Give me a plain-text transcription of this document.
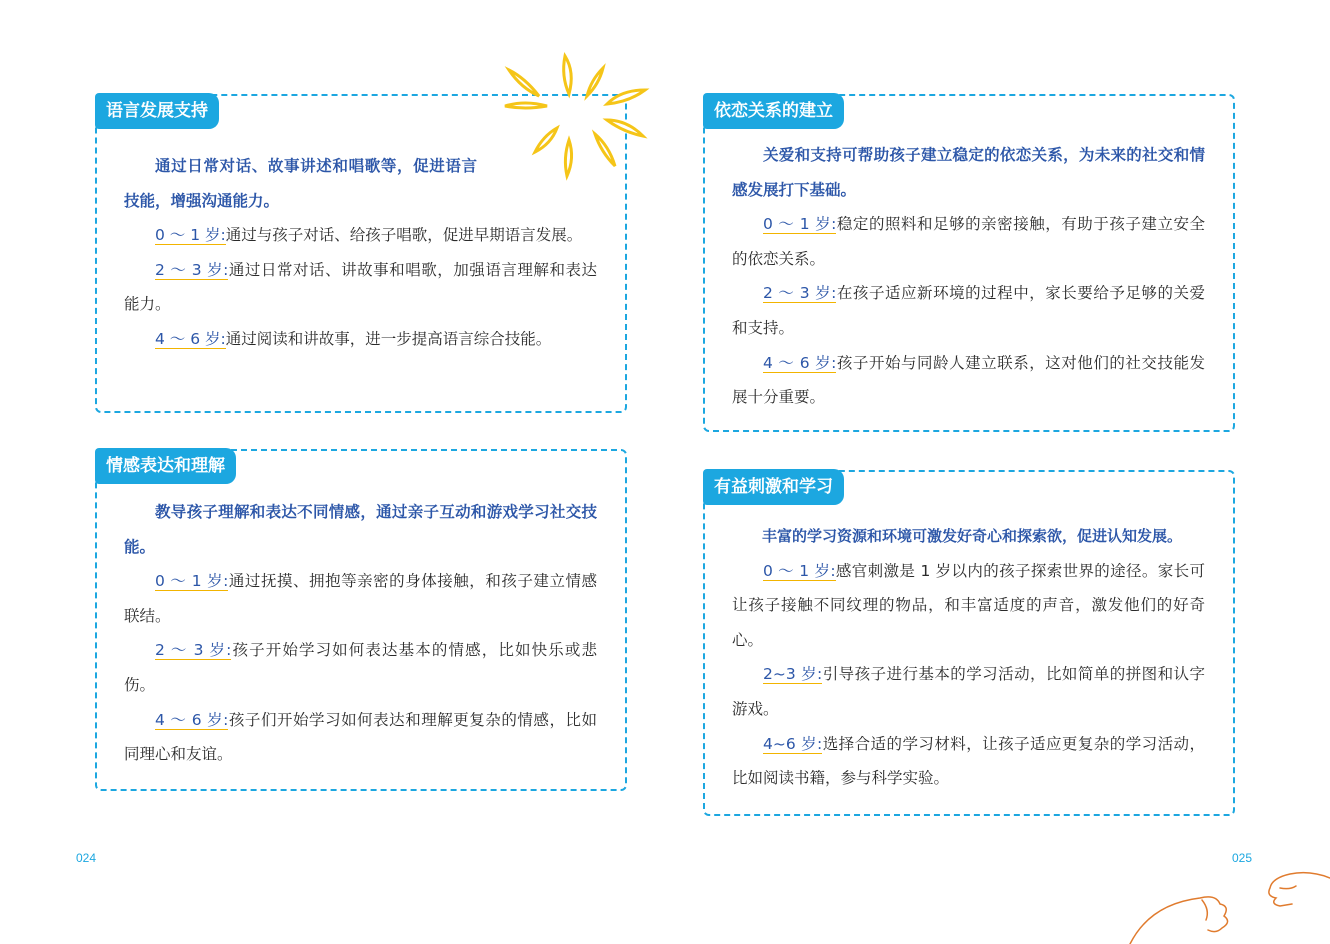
语言发展支持

通过日常对话、故事讲述和唱歌等，促进语言技能，增强沟通能力。

0 ～ 1 岁:通过与孩子对话、给孩子唱歌，促进早期语言发展。

2 ～ 3 岁:通过日常对话、讲故事和唱歌，加强语言理解和表达能力。

4 ～ 6 岁:通过阅读和讲故事，进一步提高语言综合技能。

情感表达和理解

教导孩子理解和表达不同情感，通过亲子互动和游戏学习社交技能。

0 ～ 1 岁:通过抚摸、拥抱等亲密的身体接触，和孩子建立情感联结。

2 ～ 3 岁:孩子开始学习如何表达基本的情感，比如快乐或悲伤。

4 ～ 6 岁:孩子们开始学习如何表达和理解更复杂的情感，比如同理心和友谊。

依恋关系的建立

关爱和支持可帮助孩子建立稳定的依恋关系，为未来的社交和情感发展打下基础。

0 ～ 1 岁:稳定的照料和足够的亲密接触，有助于孩子建立安全的依恋关系。

2 ～ 3 岁:在孩子适应新环境的过程中，家长要给予足够的关爱和支持。

4 ～ 6 岁:孩子开始与同龄人建立联系，这对他们的社交技能发展十分重要。

有益刺激和学习

丰富的学习资源和环境可激发好奇心和探索欲，促进认知发展。

0 ～ 1 岁:感官刺激是 1 岁以内的孩子探索世界的途径。家长可让孩子接触不同纹理的物品，和丰富适度的声音，激发他们的好奇心。

2~3 岁:引导孩子进行基本的学习活动，比如简单的拼图和认字游戏。

4~6 岁:选择合适的学习材料，让孩子适应更复杂的学习活动，比如阅读书籍，参与科学实验。

024	025
